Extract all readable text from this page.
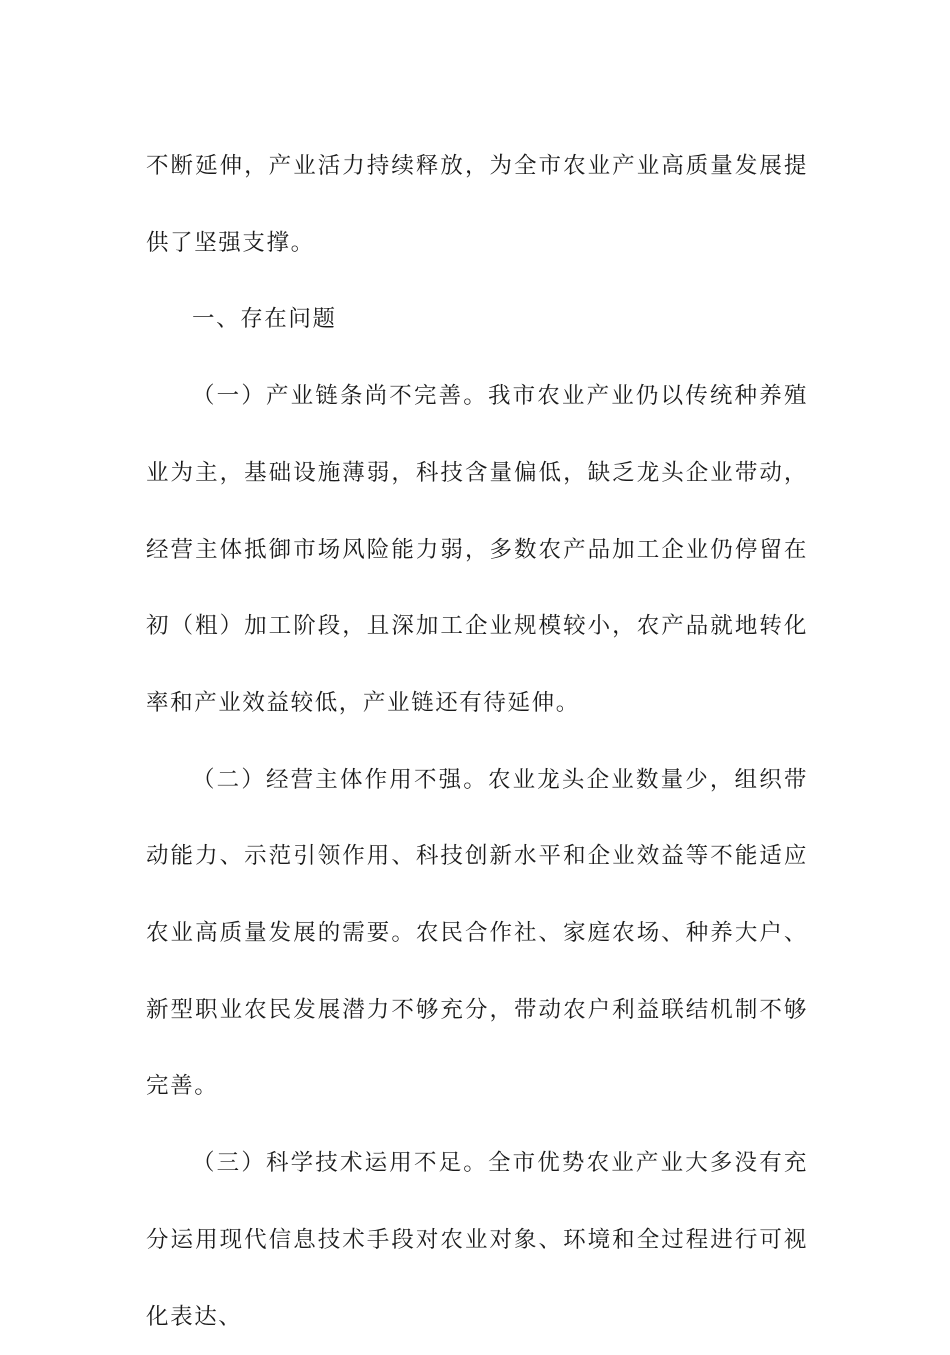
不断延伸，产业活力持续释放，为全市农业产业高质量发展提供了坚强支撑。

一、存在问题

（一）产业链条尚不完善。我市农业产业仍以传统种养殖业为主，基础设施薄弱，科技含量偏低，缺乏龙头企业带动，经营主体抵御市场风险能力弱，多数农产品加工企业仍停留在初（粗）加工阶段，且深加工企业规模较小，农产品就地转化率和产业效益较低，产业链还有待延伸。

（二）经营主体作用不强。农业龙头企业数量少，组织带动能力、示范引领作用、科技创新水平和企业效益等不能适应农业高质量发展的需要。农民合作社、家庭农场、种养大户、新型职业农民发展潜力不够充分，带动农户利益联结机制不够完善。

（三）科学技术运用不足。全市优势农业产业大多没有充分运用现代信息技术手段对农业对象、环境和全过程进行可视化表达、
